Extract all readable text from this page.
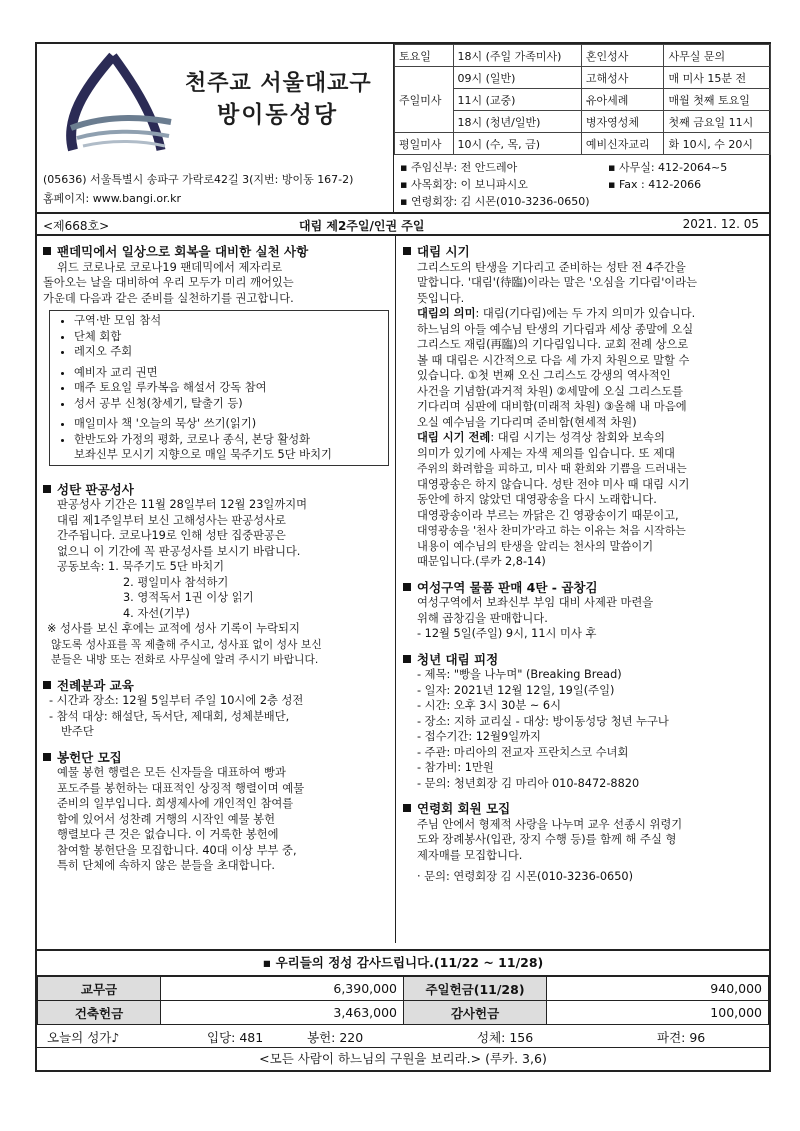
천주교 서울대교구
방이동성당
(05636) 서울특별시 송파구 가락로42길 3(지번: 방이동 167-2)
홈페이지: www.bangi.or.kr
토요일	18시 (주일 가족미사)	혼인성사	사무실 문의
주일미사	09시 (일반)	고해성사	매 미사 15분 전
	11시 (교중)	유아세례	매월 첫째 토요일
	18시 (청년/일반)	병자영성체	첫째 금요일 11시
평일미사	10시 (수, 목, 금)	예비신자교리	화 10시, 수 20시
▪ 주임신부: 전 안드레아
▪ 사목회장: 이 보니파시오
▪ 연령회장: 김 시몬(010-3236-0650)
▪ 사무실: 412-2064~5
▪ Fax : 412-2066
<제668호>	대림 제2주일/인권 주일	2021. 12. 05
팬데믹에서 일상으로 회복을 대비한 실천 사항
위드 코로나로 코로나19 팬데믹에서 제자리로
돌아오는 날을 대비하여 우리 모두가 미리 깨어있는
가운데 다음과 같은 준비를 실천하기를 권고합니다.
• 구역·반 모임 참석
• 단체 회합
• 레지오 주회
• 예비자 교리 권면
• 매주 토요일 루카복음 해설서 강독 참여
• 성서 공부 신청(창세기, 탈출기 등)
• 매일미사 책 '오늘의 묵상' 쓰기(읽기)
• 한반도와 가정의 평화, 코로나 종식, 본당 활성화
보좌신부 모시기 지향으로 매일 묵주기도 5단 바치기
성탄 판공성사
판공성사 기간은 11월 28일부터 12월 23일까지며
대림 제1주일부터 보신 고해성사는 판공성사로
간주됩니다. 코로나19로 인해 성탄 집중판공은
없으니 이 기간에 꼭 판공성사를 보시기 바랍니다.
공동보속: 1. 묵주기도 5단 바치기
2. 평일미사 참석하기
3. 영적독서 1권 이상 읽기
4. 자선(기부)
※ 성사를 보신 후에는 교적에 성사 기록이 누락되지
않도록 성사표를 꼭 제출해 주시고, 성사표 없이 성사 보신
분들은 내방 또는 전화로 사무실에 알려 주시기 바랍니다.
전례분과 교육
- 시간과 장소: 12월 5일부터 주일 10시에 2층 성전
- 참석 대상: 해설단, 독서단, 제대회, 성체분배단,
반주단
봉헌단 모집
예물 봉헌 행렬은 모든 신자들을 대표하여 빵과
포도주를 봉헌하는 대표적인 상징적 행렬이며 예물
준비의 일부입니다. 희생제사에 개인적인 참여를
함에 있어서 성찬례 거행의 시작인 예물 봉헌
행렬보다 큰 것은 없습니다. 이 거룩한 봉헌에
참여할 봉헌단을 모집합니다. 40대 이상 부부 중,
특히 단체에 속하지 않은 분들을 초대합니다.
대림 시기
그리스도의 탄생을 기다리고 준비하는 성탄 전 4주간을
말합니다. '대림'(待臨)이라는 말은 '오심을 기다림'이라는
뜻입니다.
대림의 의미: 대림(기다림)에는 두 가지 의미가 있습니다.
하느님의 아들 예수님 탄생의 기다림과 세상 종말에 오실
그리스도 재림(再臨)의 기다림입니다. 교회 전례 상으로
볼 때 대림은 시간적으로 다음 세 가지 차원으로 말할 수
있습니다. ①첫 번째 오신 그리스도 강생의 역사적인
사건을 기념함(과거적 차원) ②세말에 오실 그리스도를
기다리며 심판에 대비함(미래적 차원) ③올해 내 마음에
오실 예수님을 기다리며 준비함(현세적 차원)
대림 시기 전례: 대림 시기는 성격상 참회와 보속의
의미가 있기에 사제는 자색 제의를 입습니다. 또 제대
주위의 화려함을 피하고, 미사 때 환희와 기쁨을 드러내는
대영광송은 하지 않습니다. 성탄 전야 미사 때 대림 시기
동안에 하지 않았던 대영광송을 다시 노래합니다.
대영광송이라 부르는 까닭은 긴 영광송이기 때문이고,
대영광송을 '천사 찬미가'라고 하는 이유는 처음 시작하는
내용이 예수님의 탄생을 알리는 천사의 말씀이기
때문입니다.(루카 2,8-14)
여성구역 물품 판매 4탄 - 곱창김
여성구역에서 보좌신부 부임 대비 사제관 마련을
위해 곱창김을 판매합니다.
- 12월 5일(주일) 9시, 11시 미사 후
청년 대림 피정
- 제목: "빵을 나누며" (Breaking Bread)
- 일자: 2021년 12월 12일, 19일(주일)
- 시간: 오후 3시 30분 ~ 6시
- 장소: 지하 교리실 - 대상: 방이동성당 청년 누구나
- 접수기간: 12월9일까지
- 주관: 마리아의 전교자 프란치스코 수녀회
- 참가비: 1만원
- 문의: 청년회장 김 마리아 010-8472-8820
연령회 회원 모집
주님 안에서 형제적 사랑을 나누며 교우 선종시 위령기
도와 장례봉사(입관, 장지 수행 등)를 함께 해 주실 형
제자매를 모집합니다.
· 문의: 연령회장 김 시몬(010-3236-0650)
▪ 우리들의 정성 감사드립니다.(11/22 ~ 11/28)
교무금	6,390,000	주일헌금(11/28)	940,000
건축헌금	3,463,000	감사헌금	100,000
오늘의 성가♪	입당: 481	봉헌: 220	성체: 156	파견: 96
<모든 사람이 하느님의 구원을 보리라.> (루카. 3,6)
